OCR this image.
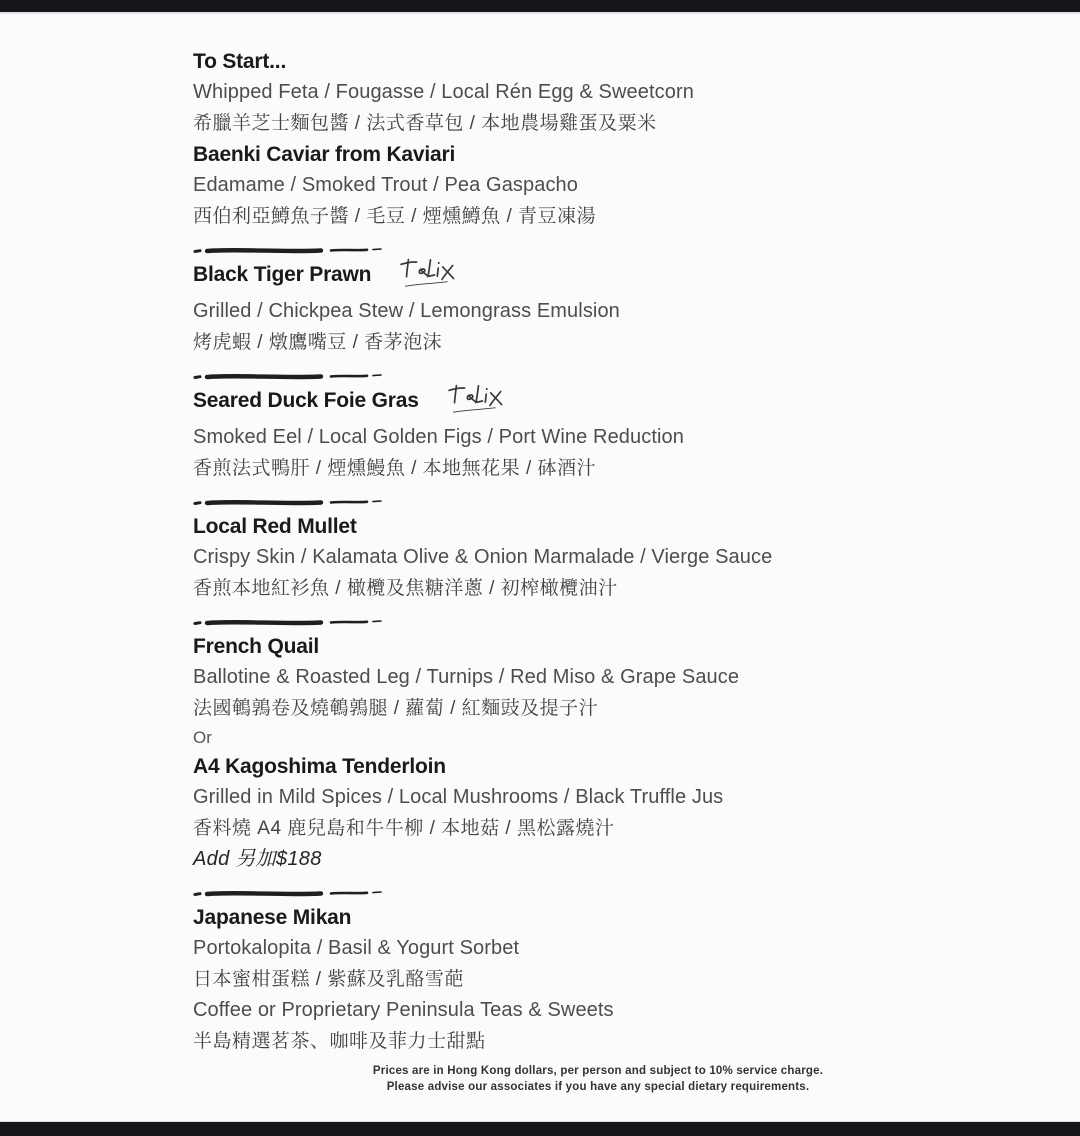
To Start...

Whipped Feta / Fougasse / Local Rén Egg & Sweetcorn

希臘羊芝士麵包醬 / 法式香草包 / 本地農場雞蛋及粟米

Baenki Caviar from Kaviari

Edamame / Smoked Trout / Pea Gaspacho

西伯利亞鱒魚子醬 / 毛豆 / 煙燻鱒魚 / 青豆凍湯

Black Tiger Prawn

Grilled / Chickpea Stew / Lemongrass Emulsion

烤虎蝦 / 燉鷹嘴豆 / 香茅泡沫

Seared Duck Foie Gras

Smoked Eel / Local Golden Figs / Port Wine Reduction

香煎法式鴨肝 / 煙燻鰻魚 / 本地無花果 / 砵酒汁

Local Red Mullet

Crispy Skin / Kalamata Olive & Onion Marmalade / Vierge Sauce

香煎本地紅衫魚 / 橄欖及焦糖洋蔥 / 初榨橄欖油汁

French Quail

Ballotine & Roasted Leg / Turnips / Red Miso & Grape Sauce

法國鵪鶉卷及燒鵪鶉腿 / 蘿蔔 / 紅麵豉及提子汁

Or

A4 Kagoshima Tenderloin

Grilled in Mild Spices / Local Mushrooms / Black Truffle Jus

香料燒 A4 鹿兒島和牛牛柳 / 本地菇 / 黑松露燒汁

Add 另加$188

Japanese Mikan

Portokalopita / Basil & Yogurt Sorbet

日本蜜柑蛋糕 / 紫蘇及乳酪雪葩

Coffee or Proprietary Peninsula Teas & Sweets

半島精選茗茶、咖啡及菲力士甜點

Prices are in Hong Kong dollars, per person and subject to 10% service charge.

Please advise our associates if you have any special dietary requirements.
